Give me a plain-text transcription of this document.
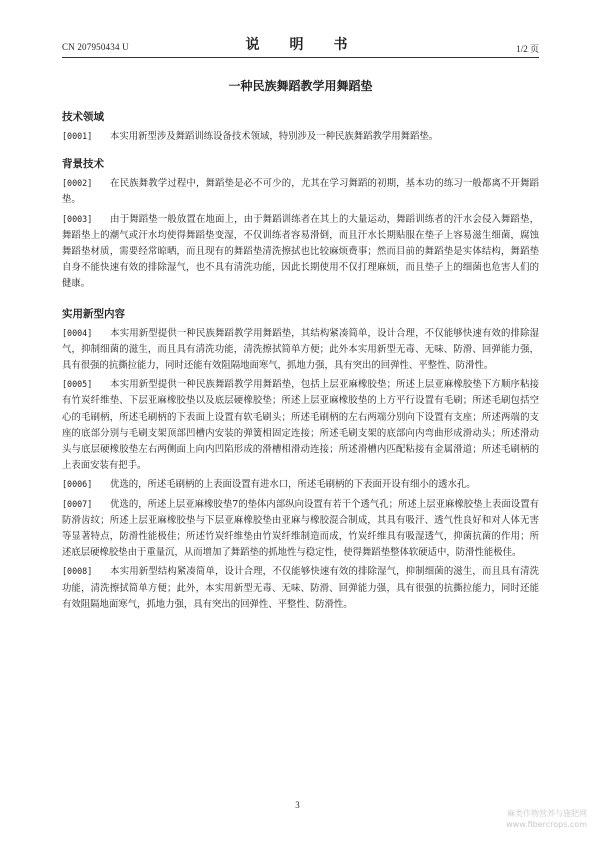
CN 207950434 U	说　明　书	1/2 页
一种民族舞蹈教学用舞蹈垫
技术领域

[0001] 本实用新型涉及舞蹈训练设备技术领域，特别涉及一种民族舞蹈教学用舞蹈垫。

背景技术

[0002] 在民族舞教学过程中，舞蹈垫是必不可少的，尤其在学习舞蹈的初期，基本功的练习一般都离不开舞蹈垫。

[0003] 由于舞蹈垫一般放置在地面上，由于舞蹈训练者在其上的大量运动，舞蹈训练者的汗水会侵入舞蹈垫，舞蹈垫上的潮气或汗水均使得舞蹈垫变湿，不仅训练者容易滑倒，而且汗水长期贴服在垫子上容易滋生细菌，腐蚀舞蹈垫材质，需要经常晾晒，而且现有的舞蹈垫清洗擦拭也比较麻烦费事；然而目前的舞蹈垫是实体结构，舞蹈垫自身不能快速有效的排除湿气，也不具有清洗功能，因此长期使用不仅打理麻烦，而且垫子上的细菌也危害人们的健康。

实用新型内容

[0004] 本实用新型提供一种民族舞蹈教学用舞蹈垫，其结构紧凑简单，设计合理，不仅能够快速有效的排除湿气，抑制细菌的滋生，而且具有清洗功能，清洗擦拭简单方便；此外本实用新型无毒、无味、防滑、回弹能力强，具有很强的抗撕拉能力，同时还能有效阻隔地面寒气，抓地力强，具有突出的回弹性、平整性、防滑性。

[0005] 本实用新型提供一种民族舞蹈教学用舞蹈垫，包括上层亚麻橡胶垫；所述上层亚麻橡胶垫下方顺序粘接有竹炭纤维垫、下层亚麻橡胶垫以及底层硬橡胶垫；所述上层亚麻橡胶垫的上方平行设置有毛刷；所述毛刷包括空心的毛刷柄，所述毛刷柄的下表面上设置有软毛刷头；所述毛刷柄的左右两端分别向下设置有支座；所述两端的支座的底部分别与毛刷支架顶部凹槽内安装的弹簧相固定连接；所述毛刷支架的底部向内弯曲形成滑动头；所述滑动头与底层硬橡胶垫左右两侧面上向内凹陷形成的滑槽相滑动连接；所述滑槽内匹配粘接有金属滑道；所述毛刷柄的上表面安装有把手。

[0006] 优选的，所述毛刷柄的上表面设置有进水口，所述毛刷柄的下表面开设有细小的透水孔。

[0007] 优选的，所述上层亚麻橡胶垫7的垫体内部纵向设置有若干个透气孔；所述上层亚麻橡胶垫上表面设置有防滑齿纹；所述上层亚麻橡胶垫与下层亚麻橡胶垫由亚麻与橡胶混合制成，其具有吸汗、透气性良好和对人体无害等显著特点，防滑性能极佳；所述竹炭纤维垫由竹炭纤维制造而成，竹炭纤维具有吸湿透气，抑菌抗菌的作用；所述底层硬橡胶垫由于重量沉，从而增加了舞蹈垫的抓地性与稳定性，使得舞蹈垫整体软硬适中，防滑性能极佳。

[0008] 本实用新型结构紧凑简单，设计合理，不仅能够快速有效的排除湿气，抑制细菌的滋生，而且具有清洗功能，清洗擦拭简单方便；此外，本实用新型无毒、无味、防滑、回弹能力强，具有很强的抗撕拉能力，同时还能有效阻隔地面寒气，抓地力强，具有突出的回弹性、平整性、防滑性。

3
麻类作物营养与施肥网
www.fibercrops.com
